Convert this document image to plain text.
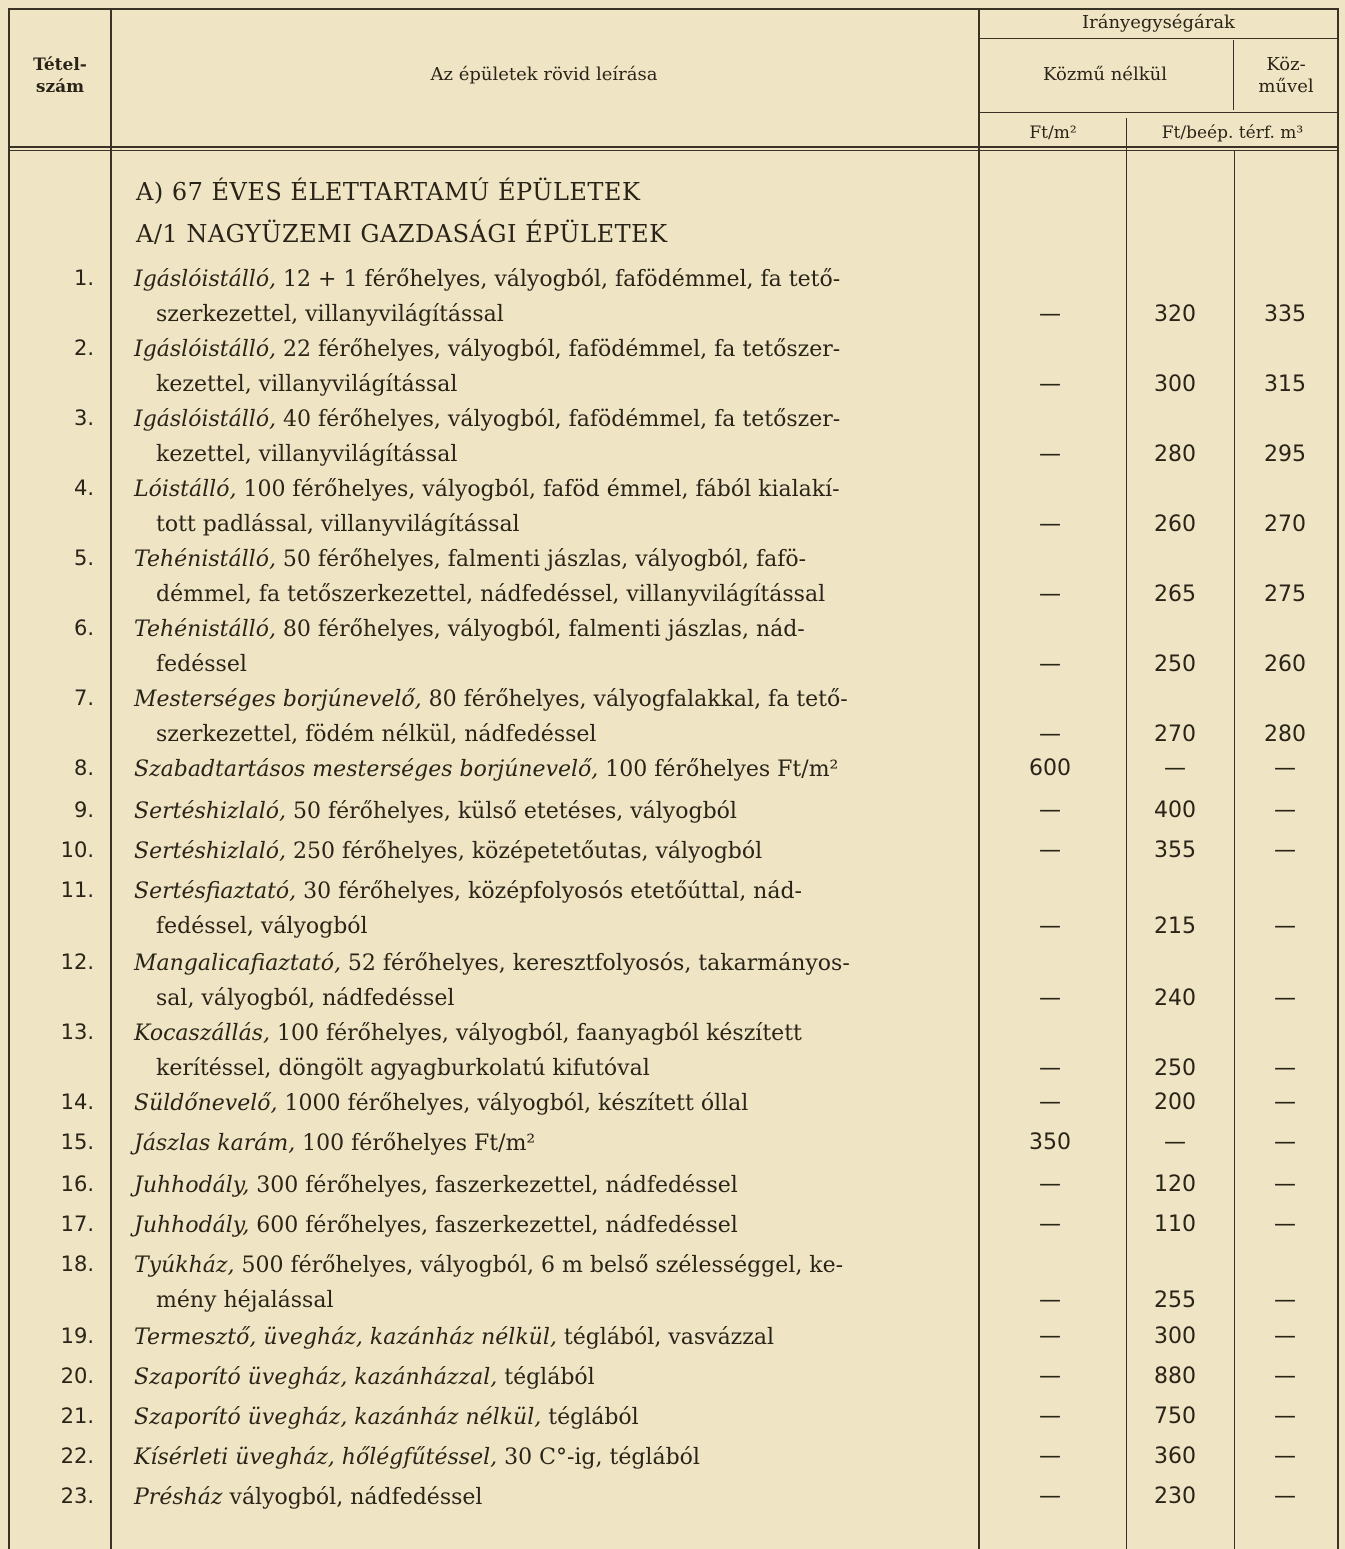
Tétel-
szám
Az épületek rövid leírása
Irányegységárak
Közmű nélkül	Köz-
művel
Ft/m²	Ft/beép. térf. m³
A) 67 ÉVES ÉLETTARTAMÚ ÉPÜLETEK
A/1 NAGYÜZEMI GAZDASÁGI ÉPÜLETEK
1. Igáslóistálló, 12 + 1 férőhelyes, vályogból, fafödémmel, fa tető-
szerkezettel, villanyvilágítással	—	320	335
2. Igáslóistálló, 22 férőhelyes, vályogból, fafödémmel, fa tetőszer-
kezettel, villanyvilágítással	—	300	315
3. Igáslóistálló, 40 férőhelyes, vályogból, fafödémmel, fa tetőszer-
kezettel, villanyvilágítással	—	280	295
4. Lóistálló, 100 férőhelyes, vályogból, faföd émmel, fából kialakí-
tott padlással, villanyvilágítással	—	260	270
5. Tehénistálló, 50 férőhelyes, falmenti jászlas, vályogból, fafö-
démmel, fa tetőszerkezettel, nádfedéssel, villanyvilágítással	—	265	275
6. Tehénistálló, 80 férőhelyes, vályogból, falmenti jászlas, nád-
fedéssel	—	250	260
7. Mesterséges borjúnevelő, 80 férőhelyes, vályogfalakkal, fa tető-
szerkezettel, födém nélkül, nádfedéssel	—	270	280
8. Szabadtartásos mesterséges borjúnevelő, 100 férőhelyes Ft/m²	600	—	—
9. Sertéshizlaló, 50 férőhelyes, külső etetéses, vályogból	—	400	—
10. Sertéshizlaló, 250 férőhelyes, középetetőutas, vályogból	—	355	—
11. Sertésfiaztató, 30 férőhelyes, középfolyosós etetőúttal, nád-
fedéssel, vályogból	—	215	—
12. Mangalicafiaztató, 52 férőhelyes, keresztfolyosós, takarmányos-
sal, vályogból, nádfedéssel	—	240	—
13. Kocaszállás, 100 férőhelyes, vályogból, faanyagból készített
kerítéssel, döngölt agyagburkolatú kifutóval	—	250	—
14. Süldőnevelő, 1000 férőhelyes, vályogból, készített óllal	—	200	—
15. Jászlas karám, 100 férőhelyes Ft/m²	350	—	—
16. Juhhodály, 300 férőhelyes, faszerkezettel, nádfedéssel	—	120	—
17. Juhhodály, 600 férőhelyes, faszerkezettel, nádfedéssel	—	110	—
18. Tyúkház, 500 férőhelyes, vályogból, 6 m belső szélességgel, ke-
mény héjalással	—	255	—
19. Termesztő, üvegház, kazánház nélkül, téglából, vasvázzal	—	300	—
20. Szaporító üvegház, kazánházzal, téglából	—	880	—
21. Szaporító üvegház, kazánház nélkül, téglából	—	750	—
22. Kísérleti üvegház, hőlégfűtéssel, 30 C°-ig, téglából	—	360	—
23. Présház vályogból, nádfedéssel	—	230	—
